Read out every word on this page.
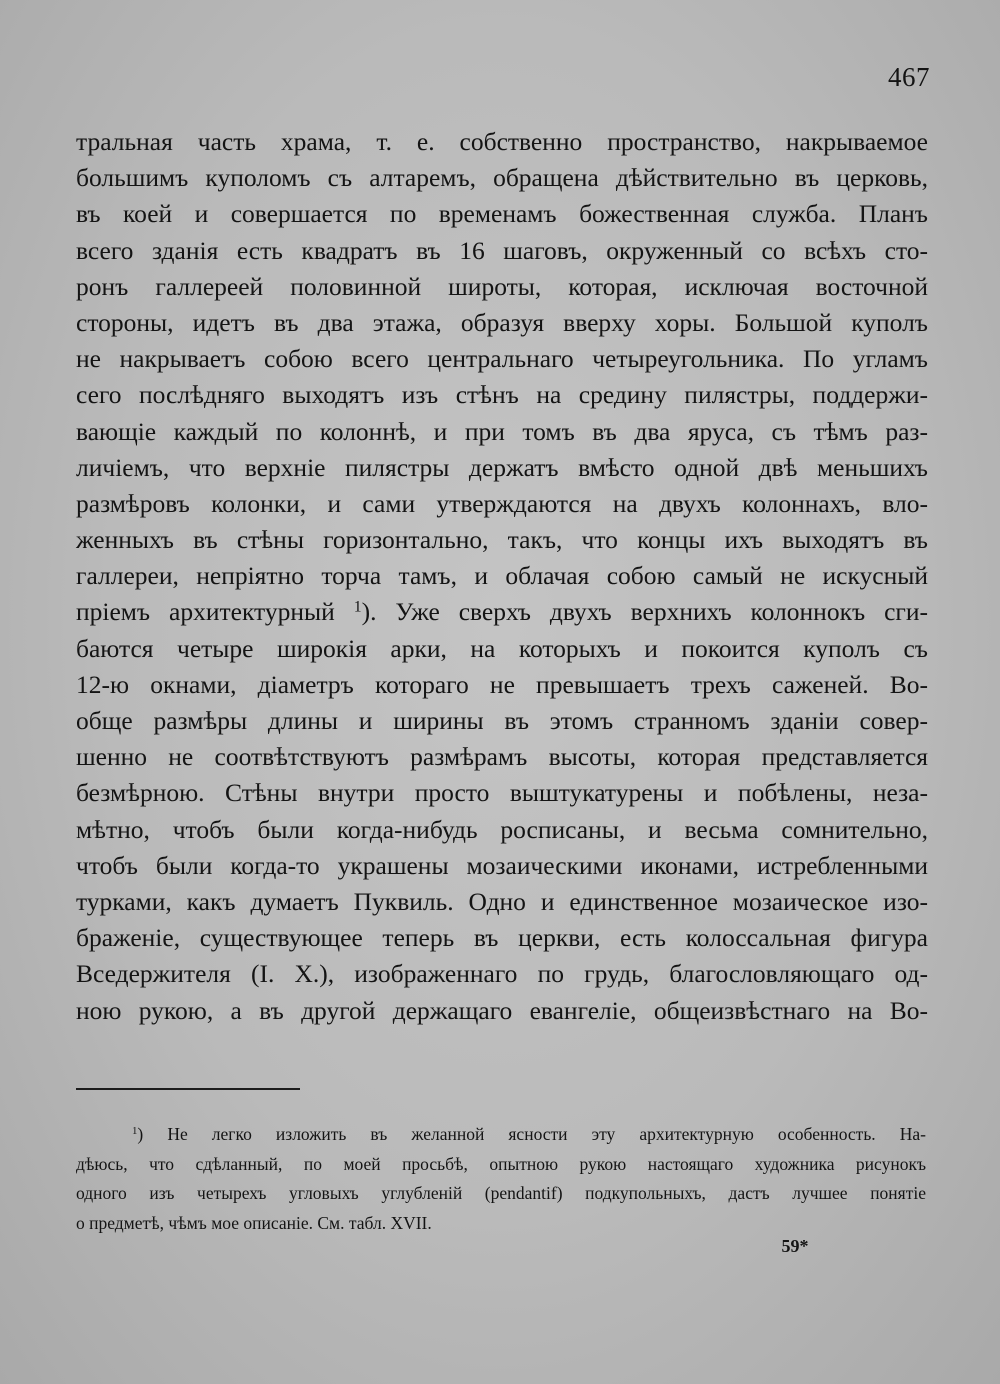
467
тральная часть храма, т. е. собственно пространство, накрываемое
большимъ куполомъ съ алтаремъ, обращена дѣйствительно въ церковь,
въ коей и совершается по временамъ божественная служба. Планъ
всего зданія есть квадратъ въ 16 шаговъ, окруженный со всѣхъ сто-
ронъ галлереей половинной широты, которая, исключая восточной
стороны, идетъ въ два этажа, образуя вверху хоры. Большой куполъ
не накрываетъ собою всего центральнаго четыреугольника. По угламъ
сего послѣдняго выходятъ изъ стѣнъ на средину пилястры, поддержи-
вающіе каждый по колоннѣ, и при томъ въ два яруса, съ тѣмъ раз-
личіемъ, что верхніе пилястры держатъ вмѣсто одной двѣ меньшихъ
размѣровъ колонки, и сами утверждаются на двухъ колоннахъ, вло-
женныхъ въ стѣны горизонтально, такъ, что концы ихъ выходятъ въ
галлереи, непріятно торча тамъ, и облачая собою самый не искусный
пріемъ архитектурный $^1$). Уже сверхъ двухъ верхнихъ колоннокъ сги-
баются четыре широкія арки, на которыхъ и покоится куполъ съ
12-ю окнами, діаметръ котораго не превышаетъ трехъ саженей. Во-
обще размѣры длины и ширины въ этомъ странномъ зданіи совер-
шенно не соотвѣтствуютъ размѣрамъ высоты, которая представляется
безмѣрною. Стѣны внутри просто выштукатурены и побѣлены, неза-
мѣтно, чтобъ были когда-нибудь росписаны, и весьма сомнительно,
чтобъ были когда-то украшены мозаическими иконами, истребленными
турками, какъ думаетъ Пуквиль. Одно и единственное мозаическое изо-
браженіе, существующее теперь въ церкви, есть колоссальная фигура
Вседержителя (І. Х.), изображеннаго по грудь, благословляющаго од-
ною рукою, а въ другой держащаго евангеліе, общеизвѣстнаго на Во-
$^1$) Не легко изложить въ желанной ясности эту архитектурную особенность. На-
дѣюсь, что сдѣланный, по моей просьбѣ, опытною рукою настоящаго художника рисунокъ
одного изъ четырехъ угловыхъ углубленій (pendantif) подкупольныхъ, дастъ лучшее понятіе
о предметѣ, чѣмъ мое описаніе. См. табл. XVII.
59*
